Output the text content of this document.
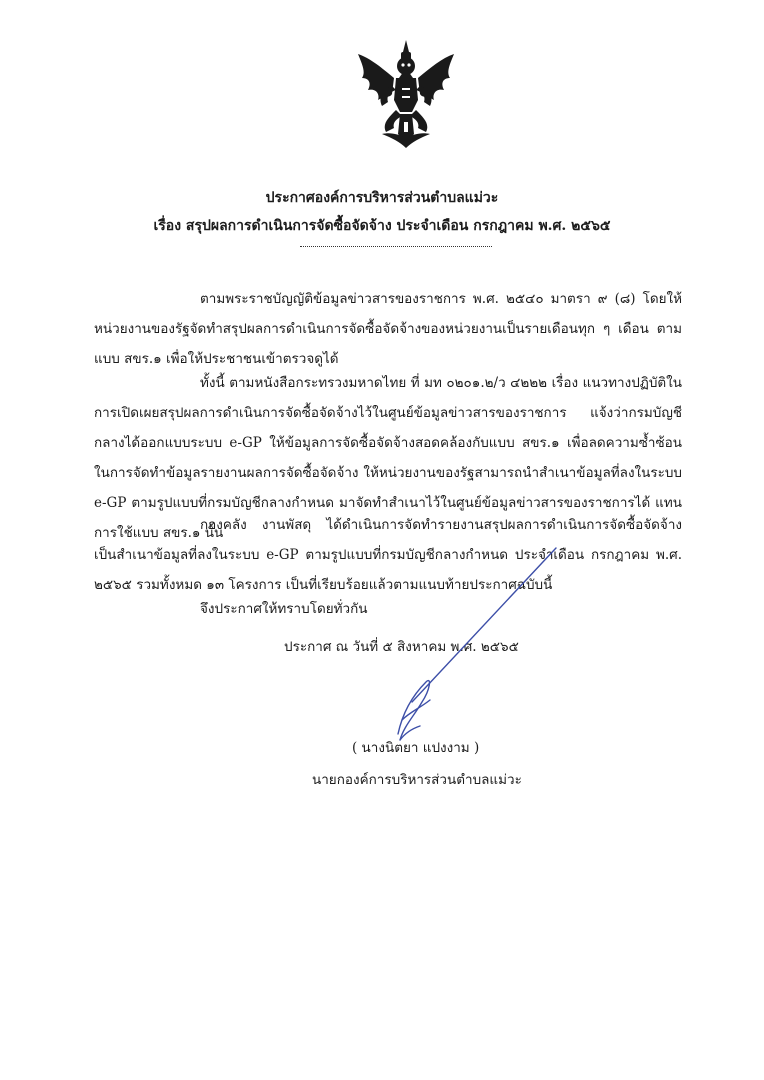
ประกาศองค์การบริหารส่วนตำบลแม่วะ
เรื่อง สรุปผลการดำเนินการจัดซื้อจัดจ้าง ประจำเดือน กรกฎาคม พ.ศ. ๒๕๖๕
ตามพระราชบัญญัติข้อมูลข่าวสารของราชการ พ.ศ. ๒๕๔๐ มาตรา ๙ (๘) โดยให้หน่วยงานของรัฐจัดทำสรุปผลการดำเนินการจัดซื้อจัดจ้างของหน่วยงานเป็นรายเดือนทุก ๆ เดือน ตามแบบ สขร.๑ เพื่อให้ประชาชนเข้าตรวจดูได้
ทั้งนี้ ตามหนังสือกระทรวงมหาดไทย ที่ มท ๐๒๐๑.๒/ว ๔๒๒๒ เรื่อง แนวทางปฏิบัติในการเปิดเผยสรุปผลการดำเนินการจัดซื้อจัดจ้างไว้ในศูนย์ข้อมูลข่าวสารของราชการ แจ้งว่ากรมบัญชีกลางได้ออกแบบระบบ e-GP ให้ข้อมูลการจัดซื้อจัดจ้างสอดคล้องกับแบบ สขร.๑ เพื่อลดความซ้ำซ้อนในการจัดทำข้อมูลรายงานผลการจัดซื้อจัดจ้าง ให้หน่วยงานของรัฐสามารถนำสำเนาข้อมูลที่ลงในระบบ e-GP ตามรูปแบบที่กรมบัญชีกลางกำหนด มาจัดทำสำเนาไว้ในศูนย์ข้อมูลข่าวสารของราชการได้ แทนการใช้แบบ สขร.๑ นั้น
กองคลัง งานพัสดุ ได้ดำเนินการจัดทำรายงานสรุปผลการดำเนินการจัดซื้อจัดจ้างเป็นสำเนาข้อมูลที่ลงในระบบ e-GP ตามรูปแบบที่กรมบัญชีกลางกำหนด ประจำเดือน กรกฎาคม พ.ศ. ๒๕๖๕ รวมทั้งหมด ๑๓ โครงการ เป็นที่เรียบร้อยแล้วตามแนบท้ายประกาศฉบับนี้
จึงประกาศให้ทราบโดยทั่วกัน
ประกาศ ณ วันที่ ๕ สิงหาคม พ.ศ. ๒๕๖๕
( นางนิตยา แปงงาม )
นายกองค์การบริหารส่วนตำบลแม่วะ
